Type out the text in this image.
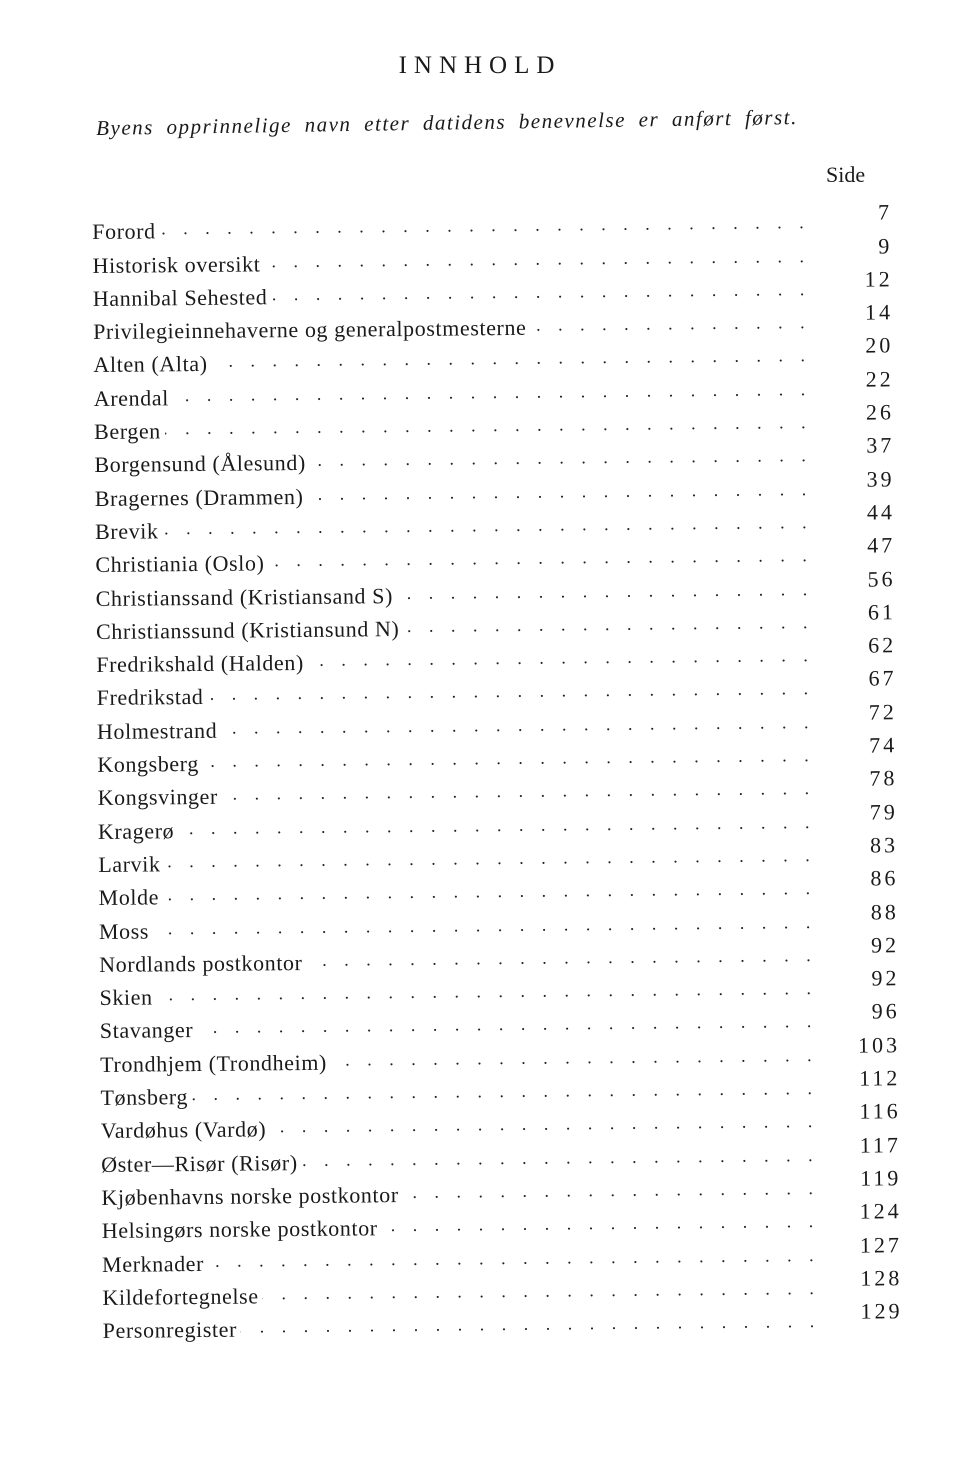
INNHOLD
Byens opprinnelige navn etter datidens benevnelse er anført først.
Side
Forord
. . .
7
Historisk oversikt
. . .
9
Hannibal Sehested
. . .
12
Privilegieinnehaverne og generalpostmesterne
. . .
14
Alten (Alta)
. . .
20
Arendal
. . .
22
Bergen
. . .
26
Borgensund (Ålesund)
. . .
37
Bragernes (Drammen)
. . .
39
Brevik
. . .
44
Christiania (Oslo)
. . .
47
Christianssand (Kristiansand S)
. . .
56
Christianssund (Kristiansund N)
. . .
61
Fredrikshald (Halden)
. . .
62
Fredrikstad
. . .
67
Holmestrand
. . .
72
Kongsberg
. . .
74
Kongsvinger
. . .
78
Kragerø
. . .
79
Larvik
. . .
83
Molde
. . .
86
Moss
. . .
88
Nordlands postkontor
. . .
92
Skien
. . .
92
Stavanger
. . .
96
Trondhjem (Trondheim)
. . .
103
Tønsberg
. . .
112
Vardøhus (Vardø)
. . .
116
Øster—Risør (Risør)
. . .
117
Kjøbenhavns norske postkontor
. . .
119
Helsingørs norske postkontor
. . .
124
Merknader
. . .
127
Kildefortegnelse
. . .
128
Personregister
. . .
129
